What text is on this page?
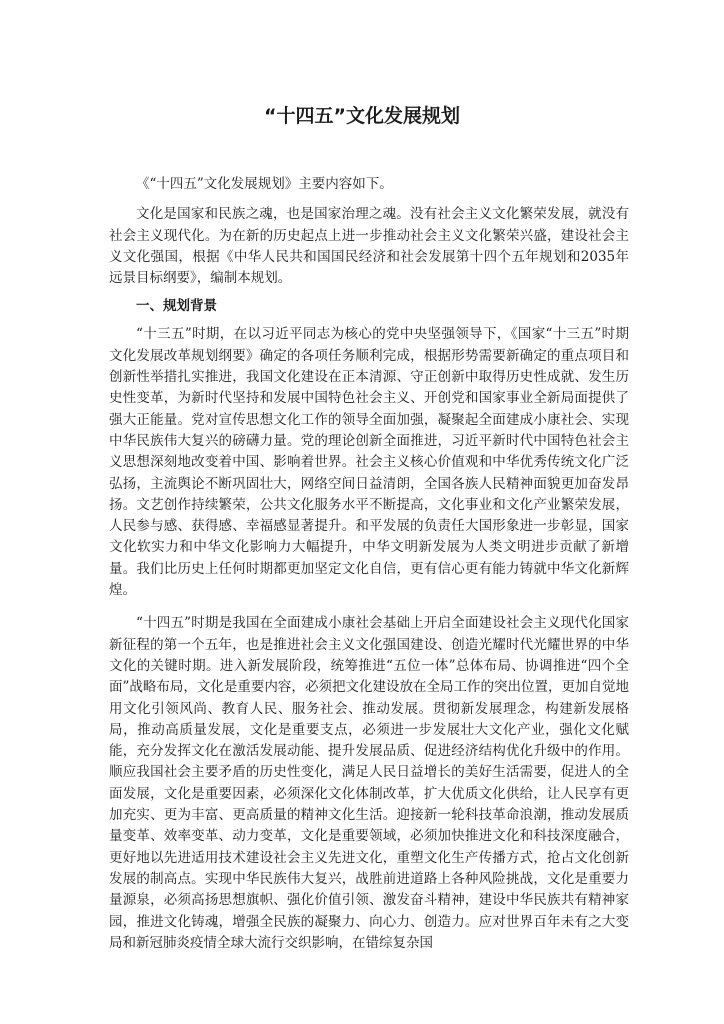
“十四五”文化发展规划

《“十四五”文化发展规划》主要内容如下。

文化是国家和民族之魂，也是国家治理之魂。没有社会主义文化繁荣发展，就没有社会主义现代化。为在新的历史起点上进一步推动社会主义文化繁荣兴盛，建设社会主义文化强国，根据《中华人民共和国国民经济和社会发展第十四个五年规划和2035年远景目标纲要》，编制本规划。

一、规划背景

“十三五”时期，在以习近平同志为核心的党中央坚强领导下，《国家“十三五”时期文化发展改革规划纲要》确定的各项任务顺利完成，根据形势需要新确定的重点项目和创新性举措扎实推进，我国文化建设在正本清源、守正创新中取得历史性成就、发生历史性变革，为新时代坚持和发展中国特色社会主义、开创党和国家事业全新局面提供了强大正能量。党对宣传思想文化工作的领导全面加强，凝聚起全面建成小康社会、实现中华民族伟大复兴的磅礴力量。党的理论创新全面推进，习近平新时代中国特色社会主义思想深刻地改变着中国、影响着世界。社会主义核心价值观和中华优秀传统文化广泛弘扬，主流舆论不断巩固壮大，网络空间日益清朗，全国各族人民精神面貌更加奋发昂扬。文艺创作持续繁荣，公共文化服务水平不断提高，文化事业和文化产业繁荣发展，人民参与感、获得感、幸福感显著提升。和平发展的负责任大国形象进一步彰显，国家文化软实力和中华文化影响力大幅提升，中华文明新发展为人类文明进步贡献了新增量。我们比历史上任何时期都更加坚定文化自信，更有信心更有能力铸就中华文化新辉煌。

“十四五”时期是我国在全面建成小康社会基础上开启全面建设社会主义现代化国家新征程的第一个五年，也是推进社会主义文化强国建设、创造光耀时代光耀世界的中华文化的关键时期。进入新发展阶段，统筹推进“五位一体”总体布局、协调推进“四个全面”战略布局，文化是重要内容，必须把文化建设放在全局工作的突出位置，更加自觉地用文化引领风尚、教育人民、服务社会、推动发展。贯彻新发展理念，构建新发展格局，推动高质量发展，文化是重要支点，必须进一步发展壮大文化产业，强化文化赋能，充分发挥文化在激活发展动能、提升发展品质、促进经济结构优化升级中的作用。顺应我国社会主要矛盾的历史性变化，满足人民日益增长的美好生活需要，促进人的全面发展，文化是重要因素，必须深化文化体制改革，扩大优质文化供给，让人民享有更加充实、更为丰富、更高质量的精神文化生活。迎接新一轮科技革命浪潮，推动发展质量变革、效率变革、动力变革，文化是重要领域，必须加快推进文化和科技深度融合，更好地以先进适用技术建设社会主义先进文化，重塑文化生产传播方式，抢占文化创新发展的制高点。实现中华民族伟大复兴，战胜前进道路上各种风险挑战，文化是重要力量源泉，必须高扬思想旗帜、强化价值引领、激发奋斗精神，建设中华民族共有精神家园，推进文化铸魂，增强全民族的凝聚力、向心力、创造力。应对世界百年未有之大变局和新冠肺炎疫情全球大流行交织影响，在错综复杂国
